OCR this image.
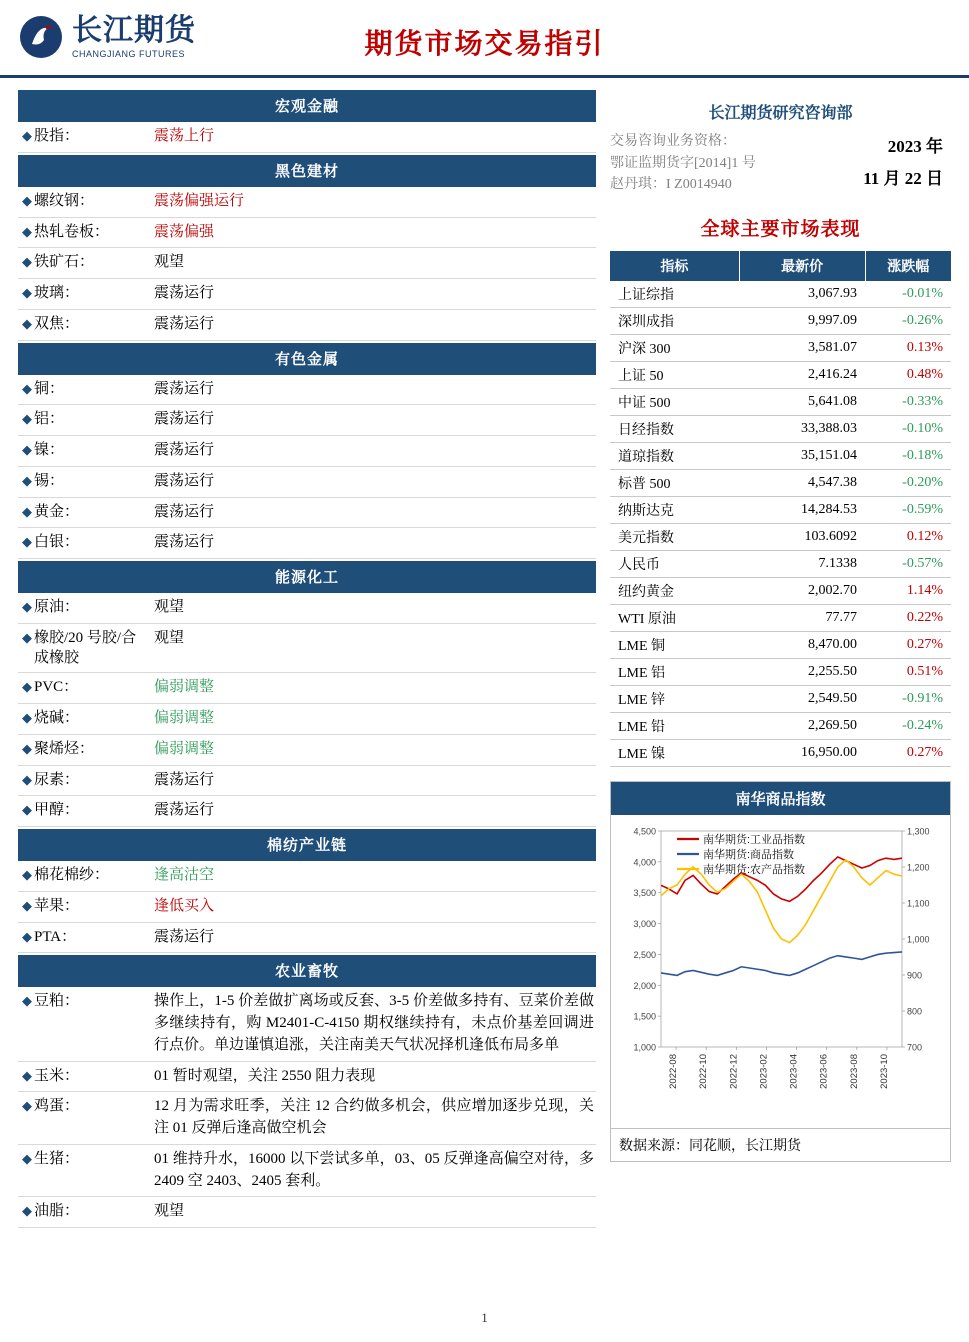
长江期货
CHANGJIANG FUTURES	期货市场交易指引
宏观金融
◆ 股指：	震荡上行
黑色建材
◆ 螺纹钢：	震荡偏强运行
◆ 热轧卷板：	震荡偏强
◆ 铁矿石：	观望
◆ 玻璃：	震荡运行
◆ 双焦：	震荡运行
有色金属
◆ 铜：	震荡运行
◆ 铝：	震荡运行
◆ 镍：	震荡运行
◆ 锡：	震荡运行
◆ 黄金：	震荡运行
◆ 白银：	震荡运行
能源化工
◆ 原油：	观望
◆ 橡胶/20 号胶/合成橡胶
观望
◆ PVC：	偏弱调整
◆ 烧碱：	偏弱调整
◆ 聚烯烃：	偏弱调整
◆ 尿素：	震荡运行
◆ 甲醇：	震荡运行
棉纺产业链
◆ 棉花棉纱：	逢高沽空
◆ 苹果：	逢低买入
◆ PTA：	震荡运行
农业畜牧
◆ 豆粕：	操作上，1-5 价差做扩离场或反套、3-5 价差做多持有、豆菜价差做多继续持有，购 M2401-C-4150 期权继续持有，未点价基差回调进行点价。单边谨慎追涨，关注南美天气状况择机逢低布局多单
◆ 玉米：	01 暂时观望，关注 2550 阻力表现
◆ 鸡蛋：	12 月为需求旺季，关注 12 合约做多机会，供应增加逐步兑现，关注 01 反弹后逢高做空机会
◆ 生猪：	01 维持升水，16000 以下尝试多单，03、05 反弹逢高偏空对待，多 2409 空 2403、2405 套利。
◆ 油脂：	观望
长江期货研究咨询部
交易咨询业务资格：
鄂证监期货字[2014]1 号
赵丹琪：I Z0014940
2023 年
11 月 22 日
全球主要市场表现
指标	最新价	涨跌幅
上证综指	3,067.93	-0.01%
深圳成指	9,997.09	-0.26%
沪深 300	3,581.07	0.13%
上证 50	2,416.24	0.48%
中证 500	5,641.08	-0.33%
日经指数	33,388.03	-0.10%
道琼指数	35,151.04	-0.18%
标普 500	4,547.38	-0.20%
纳斯达克	14,284.53	-0.59%
美元指数	103.6092	0.12%
人民币	7.1338	-0.57%
纽约黄金	2,002.70	1.14%
WTI 原油	77.77	0.22%
LME 铜	8,470.00	0.27%
LME 铝	2,255.50	0.51%
LME 锌	2,549.50	-0.91%
LME 铅	2,269.50	-0.24%
LME 镍	16,950.00	0.27%
南华商品指数
1,000
1,500
2,000
2,500
3,000
3,500
4,000
4,500
700
800
900
1,000
1,100
1,200
1,300
2022-08 2022-10 2022-12 2023-02 2023-04 2023-06 2023-08 2023-10
南华期货:工业品指数
南华期货:商品指数
南华期货:农产品指数
数据来源：同花顺，长江期货
1
